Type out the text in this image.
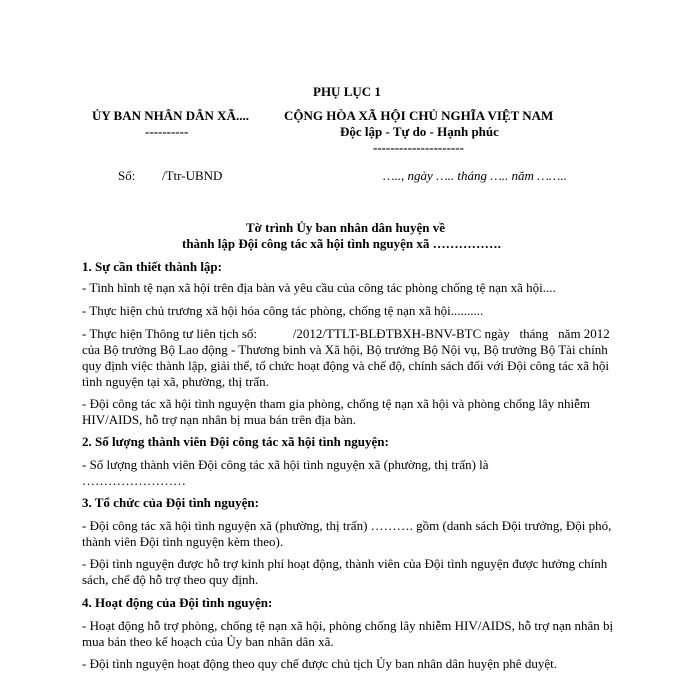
PHỤ LỤC 1
ỦY BAN NHÂN DÂN XÃ....
----------
CỘNG HÒA XÃ HỘI CHỦ NGHĨA VIỆT NAM
Độc lập - Tự do - Hạnh phúc
---------------------
Số: /Ttr-UBND	….., ngày ….. tháng ….. năm ……..
Tờ trình Ủy ban nhân dân huyện về
thành lập Đội công tác xã hội tình nguyện xã …………….
1. Sự cần thiết thành lập:
- Tình hình tệ nạn xã hội trên địa bàn và yêu cầu của công tác phòng chống tệ nạn xã hội....
- Thực hiện chủ trương xã hội hóa công tác phòng, chống tệ nạn xã hội..........
- Thực hiện Thông tư liên tịch số:           /2012/TTLT-BLĐTBXH-BNV-BTC ngày   tháng   năm 2012 của Bộ trưởng Bộ Lao động - Thương binh và Xã hội, Bộ trưởng Bộ Nội vụ, Bộ trưởng Bộ Tài chính quy định việc thành lập, giải thể, tổ chức hoạt động và chế độ, chính sách đối với Đội công tác xã hội tình nguyện tại xã, phường, thị trấn.
- Đội công tác xã hội tình nguyện tham gia phòng, chống tệ nạn xã hội và phòng chống lây nhiễm HIV/AIDS, hỗ trợ nạn nhân bị mua bán trên địa bàn.
2. Số lượng thành viên Đội công tác xã hội tình nguyện:
- Số lượng thành viên Đội công tác xã hội tình nguyện xã (phường, thị trấn) là ……………………
3. Tổ chức của Đội tình nguyện:
- Đội công tác xã hội tình nguyện xã (phường, thị trấn) ………. gồm (danh sách Đội trưởng, Đội phó, thành viên Đội tình nguyện kèm theo).
- Đội tình nguyện được hỗ trợ kinh phí hoạt động, thành viên của Đội tình nguyện được hưởng chính sách, chế độ hỗ trợ theo quy định.
4. Hoạt động của Đội tình nguyện:
- Hoạt động hỗ trợ phòng, chống tệ nạn xã hội, phòng chống lây nhiễm HIV/AIDS, hỗ trợ nạn nhân bị mua bán theo kế hoạch của Ủy ban nhân dân xã.
- Đội tình nguyện hoạt động theo quy chế được chủ tịch Ủy ban nhân dân huyện phê duyệt.
